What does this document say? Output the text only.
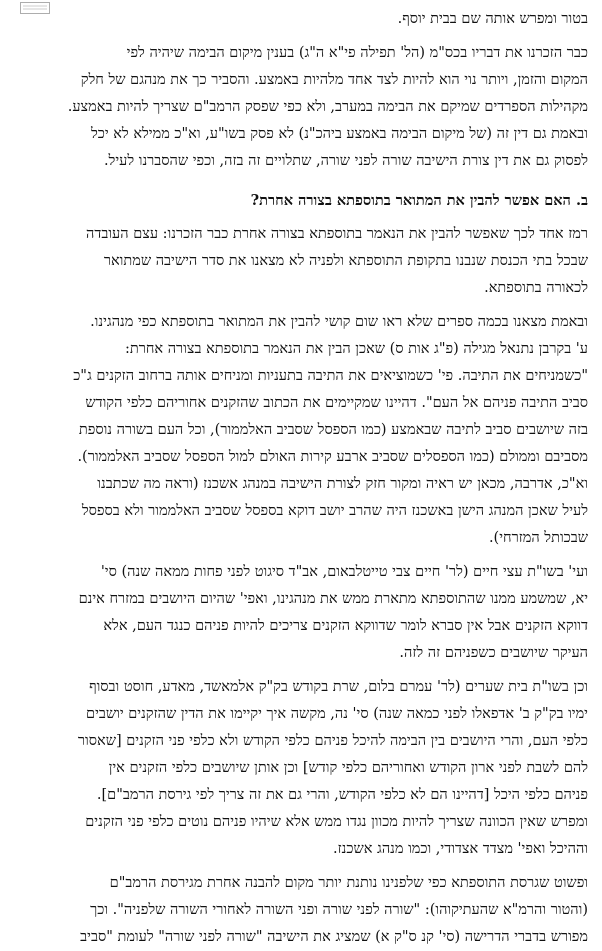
בטור ומפרש אותה שם בבית יוסף.

כבר הזכרנו את דבריו בכס"מ (הל' תפילה פי"א ה"ג) בענין מיקום הבימה שיהיה לפי
המקום והזמן, ויותר נוי הוא להיות לצד אחד מלהיות באמצע. והסביר כך את מנהגם של חלק
מקהילות הספרדים שמיקם את הבימה במערב, ולא כפי שפסק הרמב"ם שצריך להיות באמצע.
ובאמת גם דין זה (של מיקום הבימה באמצע ביהכ"נ) לא פסק בשו"ע, וא"כ ממילא לא יכל
לפסוק גם את דין צורת הישיבה שורה לפני שורה, שתלויים זה בזה, וכפי שהסברנו לעיל.

ב. האם אפשר להבין את המתואר בתוספתא בצורה אחרת?

רמז אחד לכך שאפשר להבין את הנאמר בתוספתא בצורה אחרת כבר הזכרנו: עצם העובדה
שבכל בתי הכנסת שנבנו בתקופת התוספתא ולפניה לא מצאנו את סדר הישיבה שמתואר
לכאורה בתוספתא.

ובאמת מצאנו בכמה ספרים שלא ראו שום קושי להבין את המתואר בתוספתא כפי מנהגינו.
ע' בקרבן נתנאל מגילה (פ"ג אות ס) שאכן הבין את הנאמר בתוספתא בצורה אחרת:
"כשמניחים את התיבה. פי' כשמוציאים את התיבה בתעניות ומניחים אותה ברחוב הזקנים ג"כ
סביב התיבה פניהם אל העם". דהיינו שמקיימים את הכתוב שהזקנים אחוריהם כלפי הקודש
בזה שיושבים סביב לתיבה שבאמצע (כמו הספסל שסביב האלממור), וכל העם בשורה נוספת
מסביבם וממולם (כמו הספסלים שסביב ארבע קירות האולם למול הספסל שסביב האלממור).
וא"כ, אדרבה, מכאן יש ראיה ומקור חזק לצורת הישיבה במנהג אשכנז (וראה מה שכתבנו
לעיל שאכן המנהג הישן באשכנז היה שהרב יושב דוקא בספסל שסביב האלממור ולא בספסל
שבכותל המזרחי).

ועי' בשו"ת עצי חיים (לר' חיים צבי טייטלבאום, אב"ד סיגוט לפני פחות ממאה שנה) סי'
יא, שמשמע ממנו שהתוספתא מתארת ממש את מנהגינו, ואפי' שהיום היושבים במזרח אינם
דווקא הזקנים אבל אין סברא לומר שדווקא הזקנים צריכים להיות פניהם כנגד העם, אלא
העיקר שיושבים כשפניהם זה לזה.

וכן בשו"ת בית שערים (לר' עמרם בלום, שרת בקודש בק"ק אלמאשד, מאדע, חוסט ובסוף
ימיו בק"ק ב' אדפאלו לפני כמאה שנה) סי' נה, מקשה איך יקיימו את הדין שהזקנים יושבים
כלפי העם, והרי היושבים בין הבימה להיכל פניהם כלפי הקודש ולא כלפי פני הזקנים [שאסור
להם לשבת לפני ארון הקודש ואחוריהם כלפי קודש] וכן אותן שיושבים כלפי הזקנים אין
פניהם כלפי היכל [דהיינו הם לא כלפי הקודש, והרי גם את זה צריך לפי גירסת הרמב"ם].
ומפרש שאין הכוונה שצריך להיות מכוון נגדו ממש אלא שיהיו פניהם נוטים כלפי פני הזקנים
וההיכל ואפי' מצדד אצדודי, וכמו מנהג אשכנז.

ופשוט שגרסת התוספתא כפי שלפנינו נותנת יותר מקום להבנה אחרת מגירסת הרמב"ם
(והטור והרמ"א שהעתיקוהו): "שורה לפני שורה ופני השורה לאחורי השורה שלפניה". וכך
מפורש בדברי הדרישה (סי' קנ ס"ק א) שמציג את הישיבה "שורה לפני שורה" לעומת "סביב
